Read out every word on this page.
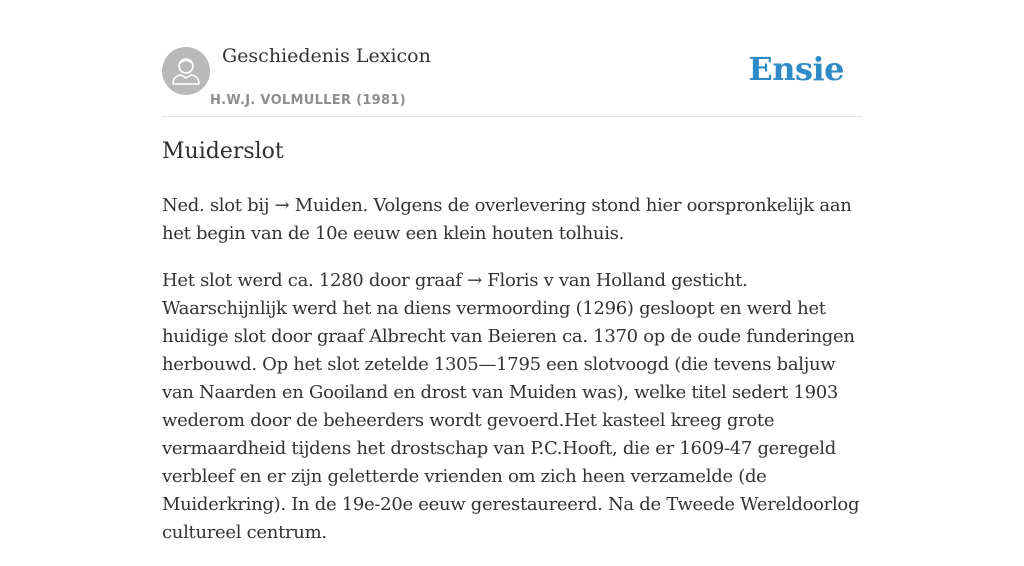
Geschiedenis Lexicon
H.W.J. VOLMULLER (1981)
Ensie
Muiderslot

Ned. slot bij → Muiden. Volgens de overlevering stond hier oorspronkelijk aan het begin van de 10e eeuw een klein houten tolhuis.

Het slot werd ca. 1280 door graaf → Floris v van Holland gesticht. Waarschijnlijk werd het na diens vermoording (1296) gesloopt en werd het huidige slot door graaf Albrecht van Beieren ca. 1370 op de oude funderingen herbouwd. Op het slot zetelde 1305—1795 een slotvoogd (die tevens baljuw van Naarden en Gooiland en drost van Muiden was), welke titel sedert 1903 wederom door de beheerders wordt gevoerd.Het kasteel kreeg grote vermaardheid tijdens het drostschap van P.C.Hooft, die er 1609-47 geregeld verbleef en er zijn geletterde vrienden om zich heen verzamelde (de Muiderkring). In de 19e-20e eeuw gerestaureerd. Na de Tweede Wereldoorlog cultureel centrum.
